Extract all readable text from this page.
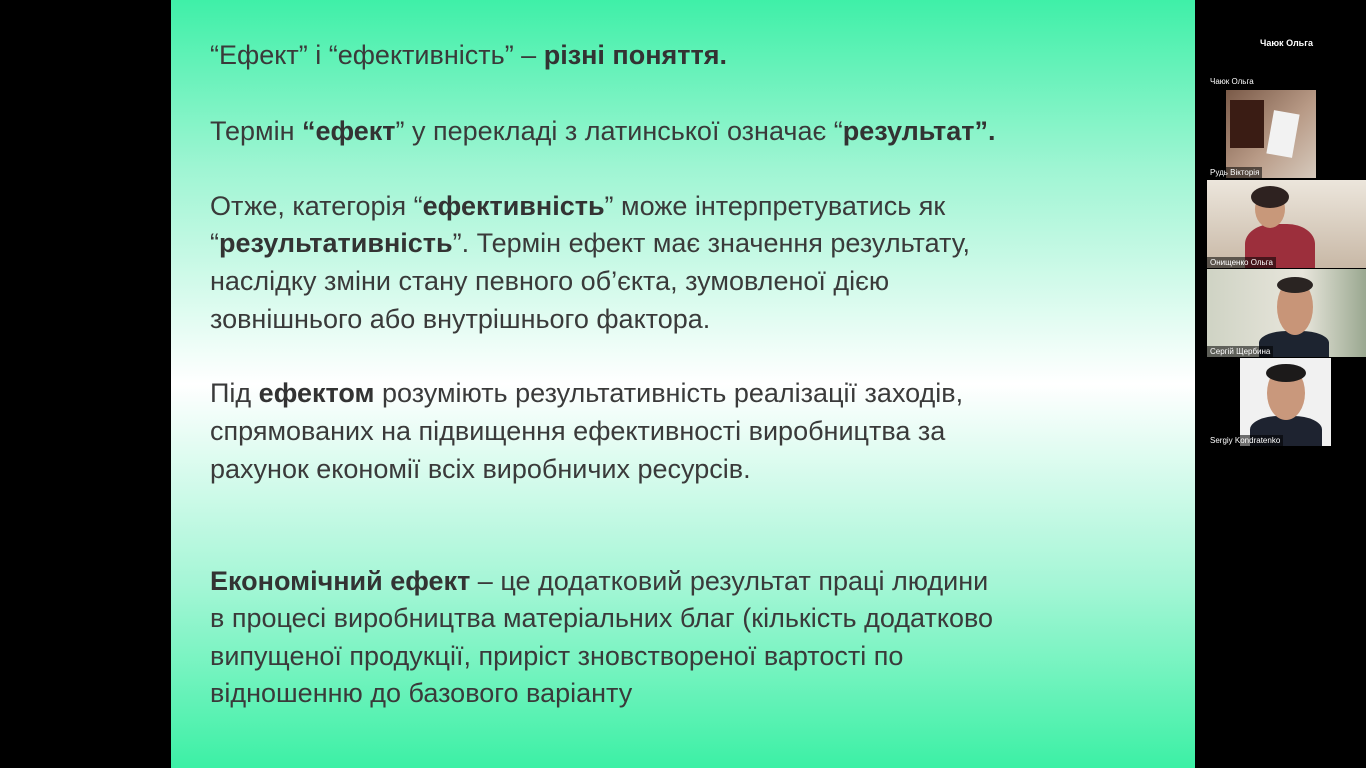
“Ефект” і “ефективність” – різні поняття.

Термін “ефект” у перекладі з латинської означає “результат”.

Отже, категорія “ефективність” може інтерпретуватись як

“результативність”. Термін ефект має значення результату,

наслідку зміни стану певного об’єкта, зумовленої дією

зовнішнього або внутрішнього фактора.

Під ефектом розуміють результативність реалізації заходів,

спрямованих на підвищення ефективності виробництва за

рахунок економії всіх виробничих ресурсів.

Економічний ефект – це додатковий результат праці людини

в процесі виробництва матеріальних благ (кількість додатково

випущеної продукції, приріст зновствореної вартості по

відношенню до базового варіанту

Чаюк Ольга
Чаюк Ольга
Рудь Вікторія
Онищенко Ольга
Сергій Щербина
Sergiy Kondratenko
